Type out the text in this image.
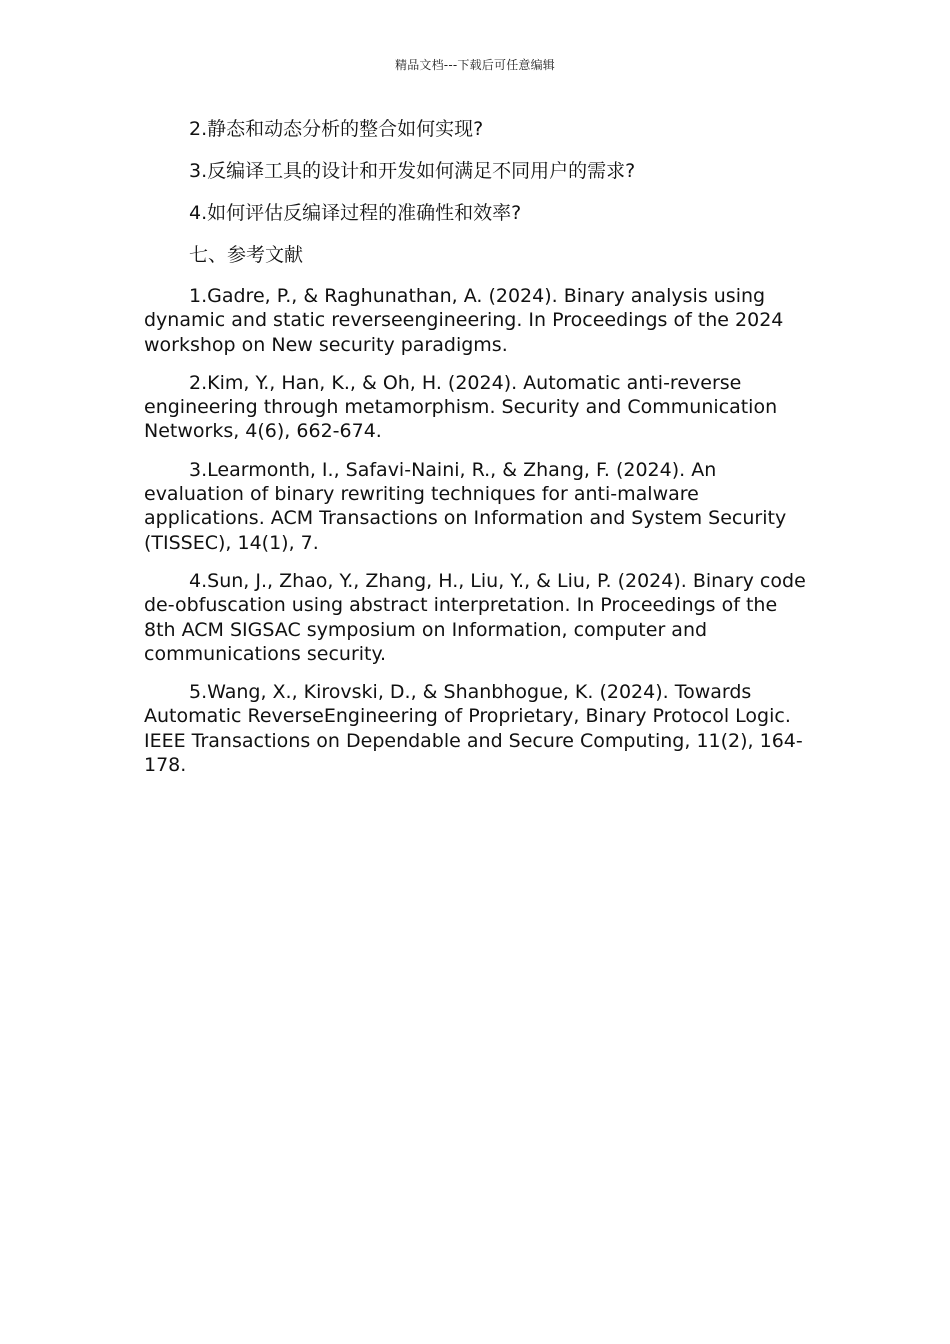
精品文档---下载后可任意编辑
2.静态和动态分析的整合如何实现?
3.反编译工具的设计和开发如何满足不同用户的需求?
4.如何评估反编译过程的准确性和效率?
七、参考文献
1.Gadre, P., & Raghunathan, A. (2024). Binary analysis using dynamic and static reverseengineering. In Proceedings of the 2024 workshop on New security paradigms.
2.Kim, Y., Han, K., & Oh, H. (2024). Automatic anti-reverse engineering through metamorphism. Security and Communication Networks, 4(6), 662-674.
3.Learmonth, I., Safavi-Naini, R., & Zhang, F. (2024). An evaluation of binary rewriting techniques for anti-malware applications. ACM Transactions on Information and System Security (TISSEC), 14(1), 7.
4.Sun, J., Zhao, Y., Zhang, H., Liu, Y., & Liu, P. (2024). Binary code de-obfuscation using abstract interpretation. In Proceedings of the 8th ACM SIGSAC symposium on Information, computer and communications security.
5.Wang, X., Kirovski, D., & Shanbhogue, K. (2024). Towards Automatic ReverseEngineering of Proprietary, Binary Protocol Logic. IEEE Transactions on Dependable and Secure Computing, 11(2), 164-178.
